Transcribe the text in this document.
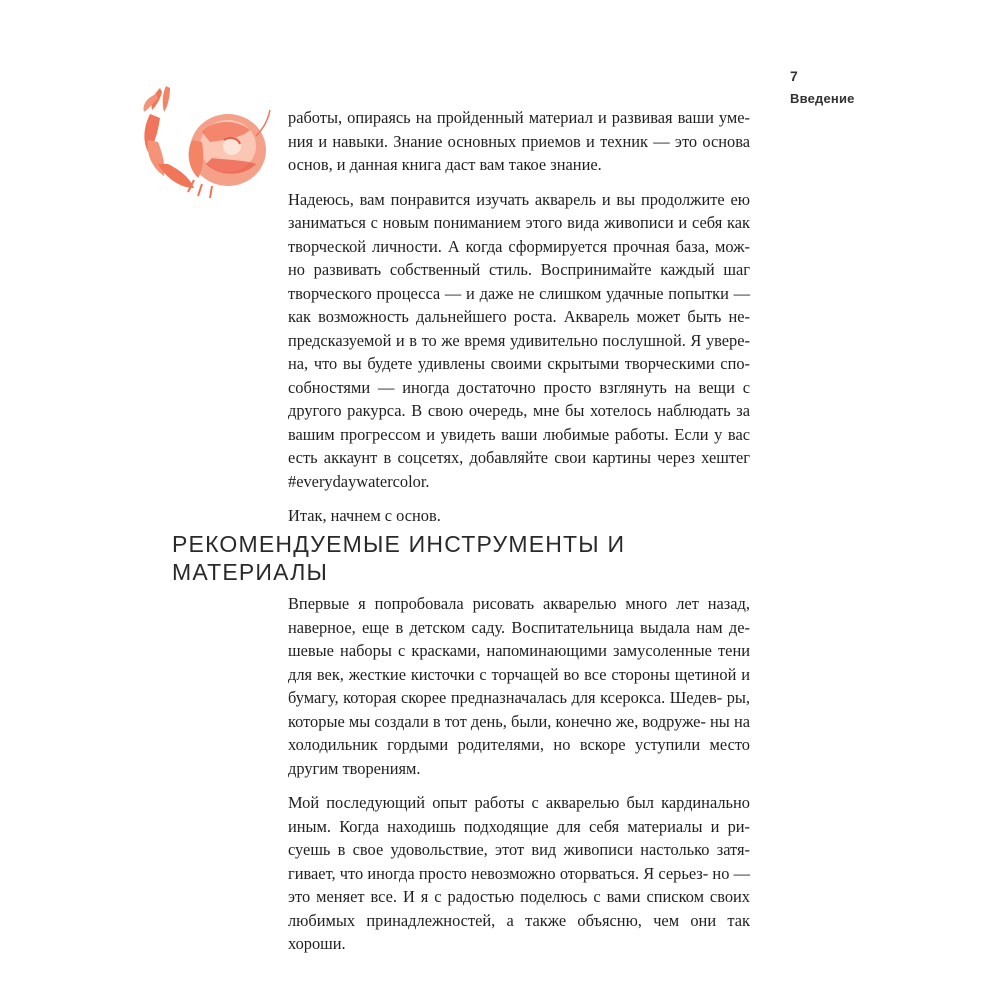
7
Введение

работы, опираясь на пройденный материал и развивая ваши уме- ния и навыки. Знание основных приемов и техник — это основа основ, и данная книга даст вам такое знание.

Надеюсь, вам понравится изучать акварель и вы продолжите ею заниматься с новым пониманием этого вида живописи и себя как творческой личности. А когда сформируется прочная база, мож- но развивать собственный стиль. Воспринимайте каждый шаг творческого процесса — и даже не слишком удачные попытки — как возможность дальнейшего роста. Акварель может быть не- предсказуемой и в то же время удивительно послушной. Я увере- на, что вы будете удивлены своими скрытыми творческими спо- собностями — иногда достаточно просто взглянуть на вещи с другого ракурса. В свою очередь, мне бы хотелось наблюдать за вашим прогрессом и увидеть ваши любимые работы. Если у вас есть аккаунт в соцсетях, добавляйте свои картины через хештег #everydaywatercolor.

Итак, начнем с основ.

РЕКОМЕНДУЕМЫЕ ИНСТРУМЕНТЫ И МАТЕРИАЛЫ

Впервые я попробовала рисовать акварелью много лет назад, наверное, еще в детском саду. Воспитательница выдала нам де- шевые наборы с красками, напоминающими замусоленные тени для век, жесткие кисточки с торчащей во все стороны щетиной и бумагу, которая скорее предназначалась для ксерокса. Шедев- ры, которые мы создали в тот день, были, конечно же, водруже- ны на холодильник гордыми родителями, но вскоре уступили место другим творениям.

Мой последующий опыт работы с акварелью был кардинально иным. Когда находишь подходящие для себя материалы и ри- суешь в свое удовольствие, этот вид живописи настолько затя- гивает, что иногда просто невозможно оторваться. Я серьез- но — это меняет все. И я с радостью поделюсь с вами списком своих любимых принадлежностей, а также объясню, чем они так хороши.
